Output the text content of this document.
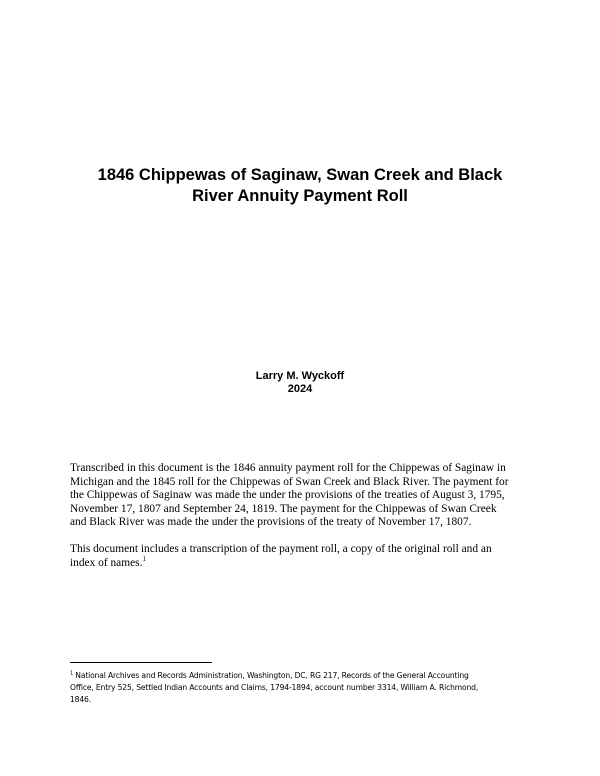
1846 Chippewas of Saginaw, Swan Creek and Black
River Annuity Payment Roll
Larry M. Wyckoff
2024

Transcribed in this document is the 1846 annuity payment roll for the Chippewas of Saginaw in
Michigan and the 1845 roll for the Chippewas of Swan Creek and Black River. The payment for
the Chippewas of Saginaw was made the under the provisions of the treaties of August 3, 1795,
November 17, 1807 and September 24, 1819. The payment for the Chippewas of Swan Creek
and Black River was made the under the provisions of the treaty of November 17, 1807.

This document includes a transcription of the payment roll, a copy of the original roll and an
index of names.$^1$

$^1$ National Archives and Records Administration, Washington, DC, RG 217, Records of the General Accounting
Office, Entry 525, Settled Indian Accounts and Claims, 1794-1894, account number 3314, William A. Richmond,
1846.
